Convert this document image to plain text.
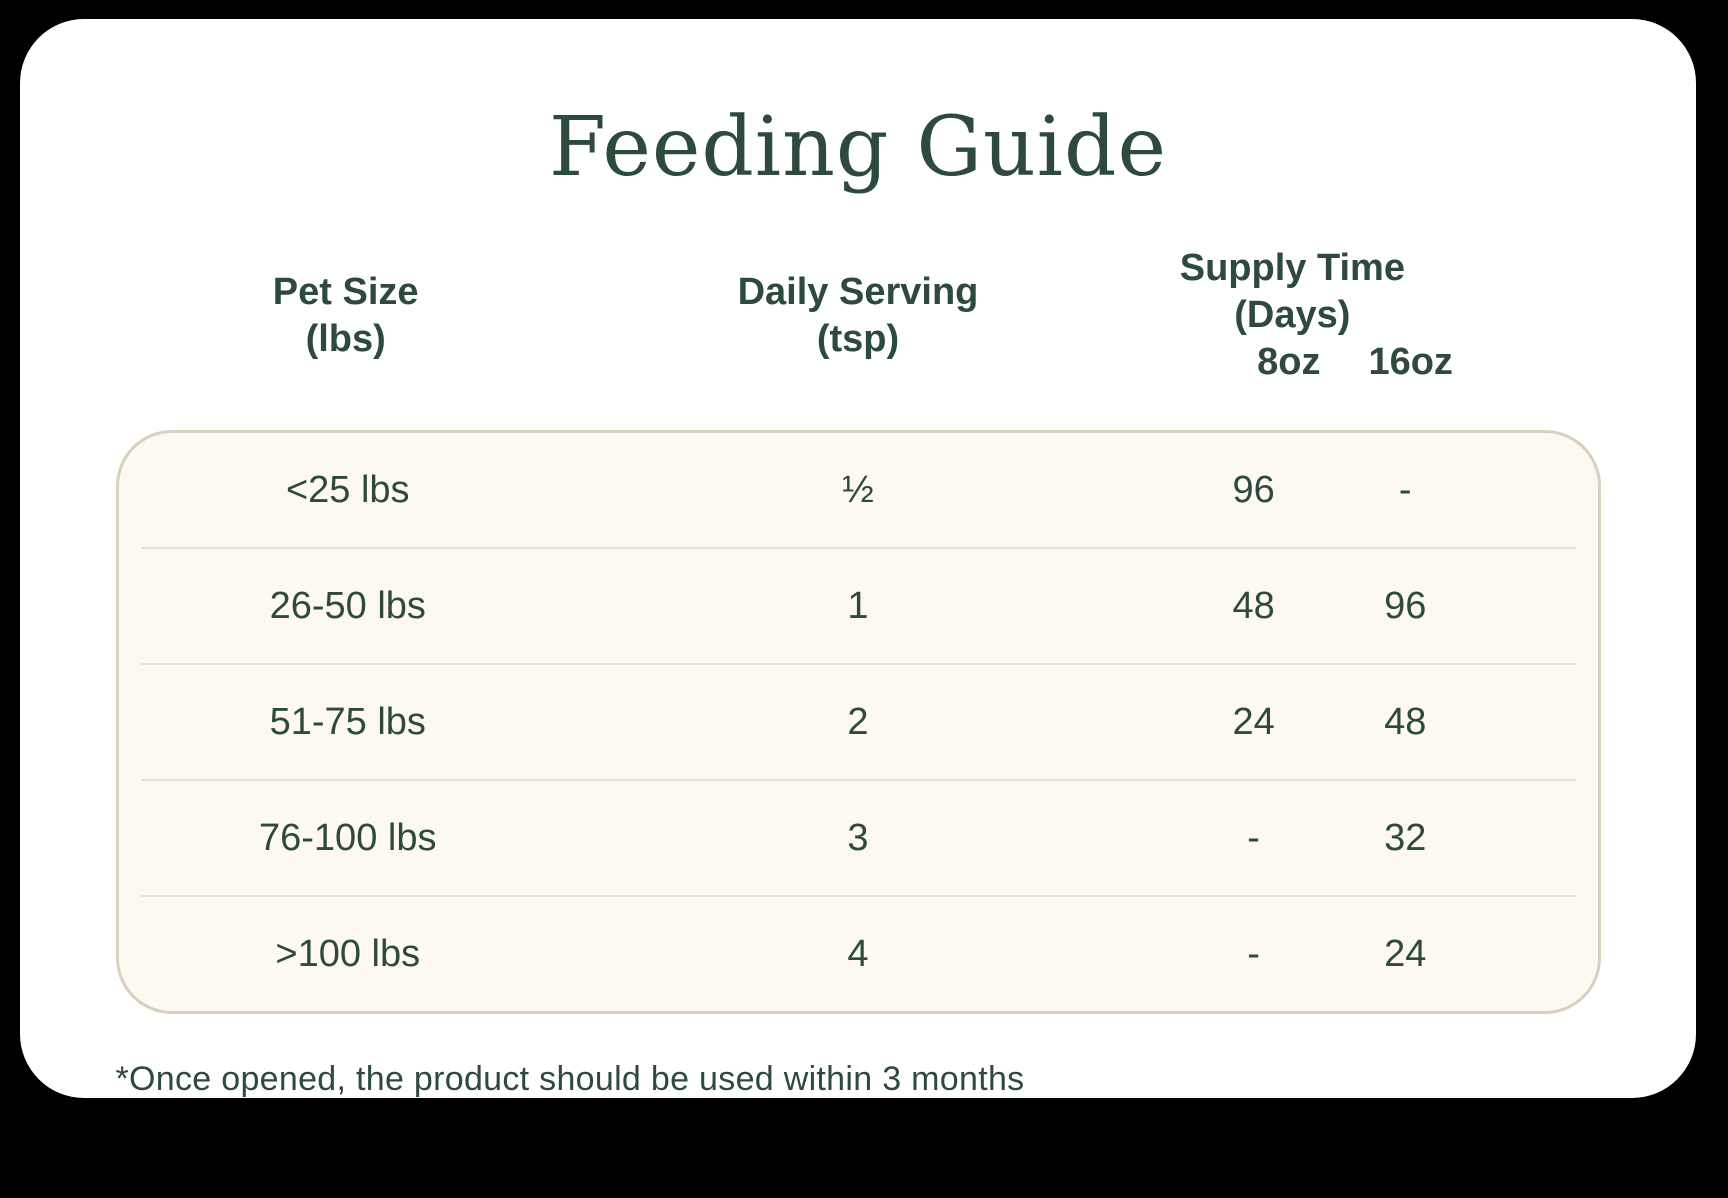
Feeding Guide
Pet Size
(lbs)
Daily Serving
(tsp)
Supply Time (Days)
8oz	16oz
<25 lbs	½	96	-
26-50 lbs	1	48	96
51-75 lbs	2	24	48
76-100 lbs	3	-	32
>100 lbs	4	-	24
*Once opened, the product should be used within 3 months
